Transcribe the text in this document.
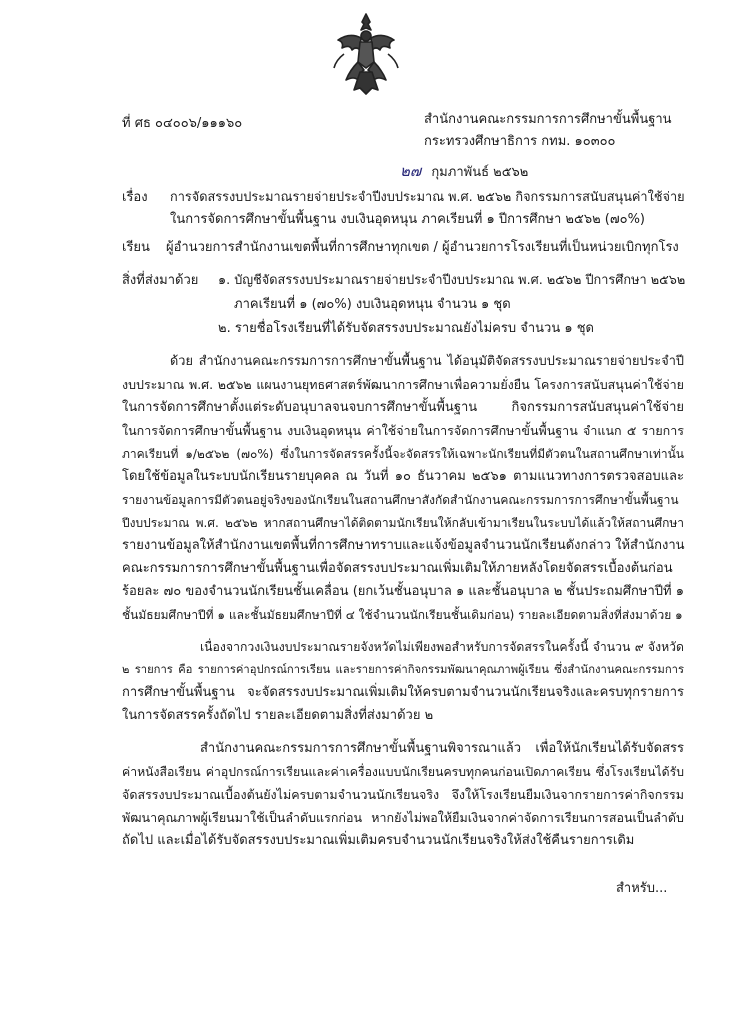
ที่ ศธ ๐๔๐๐๖/๑๑๑๖๐	สำนักงานคณะกรรมการการศึกษาขั้นพื้นฐาน
กระทรวงศึกษาธิการ กทม. ๑๐๓๐๐
๒๗ กุมภาพันธ์ ๒๕๖๒
เรื่อง การจัดสรรงบประมาณรายจ่ายประจำปีงบประมาณ พ.ศ. ๒๕๖๒ กิจกรรมการสนับสนุนค่าใช้จ่าย
ในการจัดการศึกษาขั้นพื้นฐาน งบเงินอุดหนุน ภาคเรียนที่ ๑ ปีการศึกษา ๒๕๖๒ (๗๐%)
เรียน ผู้อำนวยการสำนักงานเขตพื้นที่การศึกษาทุกเขต / ผู้อำนวยการโรงเรียนที่เป็นหน่วยเบิกทุกโรง
สิ่งที่ส่งมาด้วย ๑. บัญชีจัดสรรงบประมาณรายจ่ายประจำปีงบประมาณ พ.ศ. ๒๕๖๒ ปีการศึกษา ๒๕๖๒
ภาคเรียนที่ ๑ (๗๐%) งบเงินอุดหนุน จำนวน ๑ ชุด
๒. รายชื่อโรงเรียนที่ได้รับจัดสรรงบประมาณยังไม่ครบ จำนวน ๑ ชุด
ด้วย สำนักงานคณะกรรมการการศึกษาขั้นพื้นฐาน ได้อนุมัติจัดสรรงบประมาณรายจ่ายประจำปี
งบประมาณ พ.ศ. ๒๕๖๒ แผนงานยุทธศาสตร์พัฒนาการศึกษาเพื่อความยั่งยืน โครงการสนับสนุนค่าใช้จ่าย
ในการจัดการศึกษาตั้งแต่ระดับอนุบาลจนจบการศึกษาขั้นพื้นฐาน กิจกรรมการสนับสนุนค่าใช้จ่าย
ในการจัดการศึกษาขั้นพื้นฐาน งบเงินอุดหนุน ค่าใช้จ่ายในการจัดการศึกษาขั้นพื้นฐาน จำแนก ๕ รายการ
ภาคเรียนที่ ๑/๒๕๖๒ (๗๐%) ซึ่งในการจัดสรรครั้งนี้จะจัดสรรให้เฉพาะนักเรียนที่มีตัวตนในสถานศึกษาเท่านั้น
โดยใช้ข้อมูลในระบบนักเรียนรายบุคคล ณ วันที่ ๑๐ ธันวาคม ๒๕๖๑ ตามแนวทางการตรวจสอบและ
รายงานข้อมูลการมีตัวตนอยู่จริงของนักเรียนในสถานศึกษาสังกัดสำนักงานคณะกรรมการการศึกษาขั้นพื้นฐาน
ปีงบประมาณ พ.ศ. ๒๕๖๒ หากสถานศึกษาได้ติดตามนักเรียนให้กลับเข้ามาเรียนในระบบได้แล้วให้สถานศึกษา
รายงานข้อมูลให้สำนักงานเขตพื้นที่การศึกษาทราบและแจ้งข้อมูลจำนวนนักเรียนดังกล่าว ให้สำนักงาน
คณะกรรมการการศึกษาขั้นพื้นฐานเพื่อจัดสรรงบประมาณเพิ่มเติมให้ภายหลังโดยจัดสรรเบื้องต้นก่อน
ร้อยละ ๗๐ ของจำนวนนักเรียนชั้นเคลื่อน (ยกเว้นชั้นอนุบาล ๑ และชั้นอนุบาล ๒ ชั้นประถมศึกษาปีที่ ๑
ชั้นมัธยมศึกษาปีที่ ๑ และชั้นมัธยมศึกษาปีที่ ๔ ใช้จำนวนนักเรียนชั้นเดิมก่อน) รายละเอียดตามสิ่งที่ส่งมาด้วย ๑
เนื่องจากวงเงินงบประมาณรายจังหวัดไม่เพียงพอสำหรับการจัดสรรในครั้งนี้ จำนวน ๙ จังหวัด
๒ รายการ คือ รายการค่าอุปกรณ์การเรียน และรายการค่ากิจกรรมพัฒนาคุณภาพผู้เรียน ซึ่งสำนักงานคณะกรรมการ
การศึกษาขั้นพื้นฐาน จะจัดสรรงบประมาณเพิ่มเติมให้ครบตามจำนวนนักเรียนจริงและครบทุกรายการ
ในการจัดสรรครั้งถัดไป รายละเอียดตามสิ่งที่ส่งมาด้วย ๒
สำนักงานคณะกรรมการการศึกษาขั้นพื้นฐานพิจารณาแล้ว เพื่อให้นักเรียนได้รับจัดสรร
ค่าหนังสือเรียน ค่าอุปกรณ์การเรียนและค่าเครื่องแบบนักเรียนครบทุกคนก่อนเปิดภาคเรียน ซึ่งโรงเรียนได้รับ
จัดสรรงบประมาณเบื้องต้นยังไม่ครบตามจำนวนนักเรียนจริง จึงให้โรงเรียนยืมเงินจากรายการค่ากิจกรรม
พัฒนาคุณภาพผู้เรียนมาใช้เป็นลำดับแรกก่อน หากยังไม่พอให้ยืมเงินจากค่าจัดการเรียนการสอนเป็นลำดับ
ถัดไป และเมื่อได้รับจัดสรรงบประมาณเพิ่มเติมครบจำนวนนักเรียนจริงให้ส่งใช้คืนรายการเดิม
สำหรับ...
